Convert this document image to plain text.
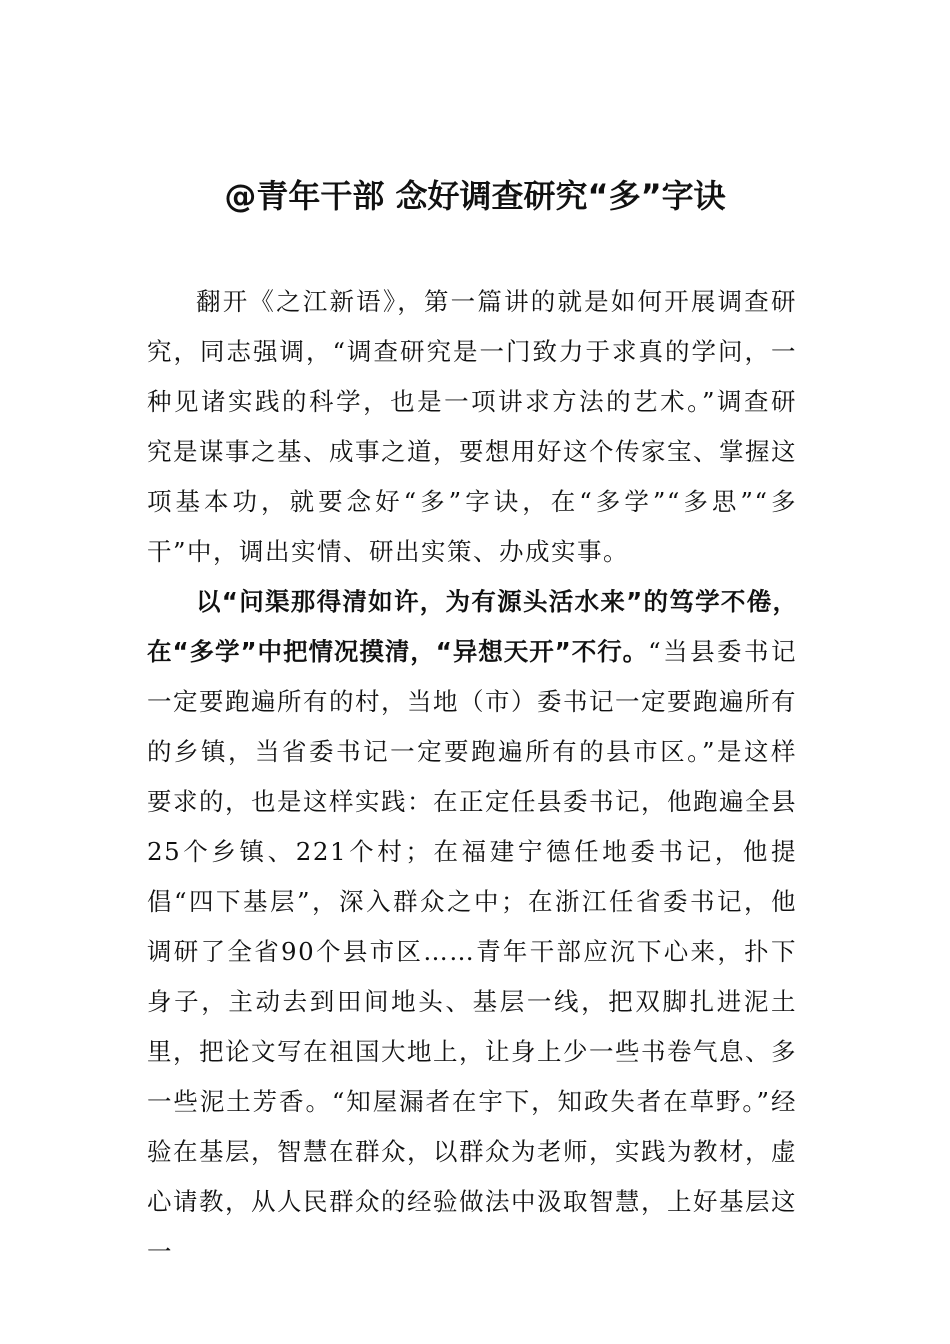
@青年干部 念好调查研究“多”字诀

翻开《之江新语》，第一篇讲的就是如何开展调查研究，同志强调，“调查研究是一门致力于求真的学问，一种见诸实践的科学，也是一项讲求方法的艺术。”调查研究是谋事之基、成事之道，要想用好这个传家宝、掌握这项基本功，就要念好“多”字诀，在“多学”“多思”“多干”中，调出实情、研出实策、办成实事。

以“问渠那得清如许，为有源头活水来”的笃学不倦，在“多学”中把情况摸清，“异想天开”不行。“当县委书记一定要跑遍所有的村，当地（市）委书记一定要跑遍所有的乡镇，当省委书记一定要跑遍所有的县市区。”是这样要求的，也是这样实践：在正定任县委书记，他跑遍全县25个乡镇、221个村；在福建宁德任地委书记，他提倡“四下基层”，深入群众之中；在浙江任省委书记，他调研了全省90个县市区……青年干部应沉下心来，扑下身子，主动去到田间地头、基层一线，把双脚扎进泥土里，把论文写在祖国大地上，让身上少一些书卷气息、多一些泥土芳香。“知屋漏者在宇下，知政失者在草野。”经验在基层，智慧在群众，以群众为老师，实践为教材，虚心请教，从人民群众的经验做法中汲取智慧，上好基层这一
